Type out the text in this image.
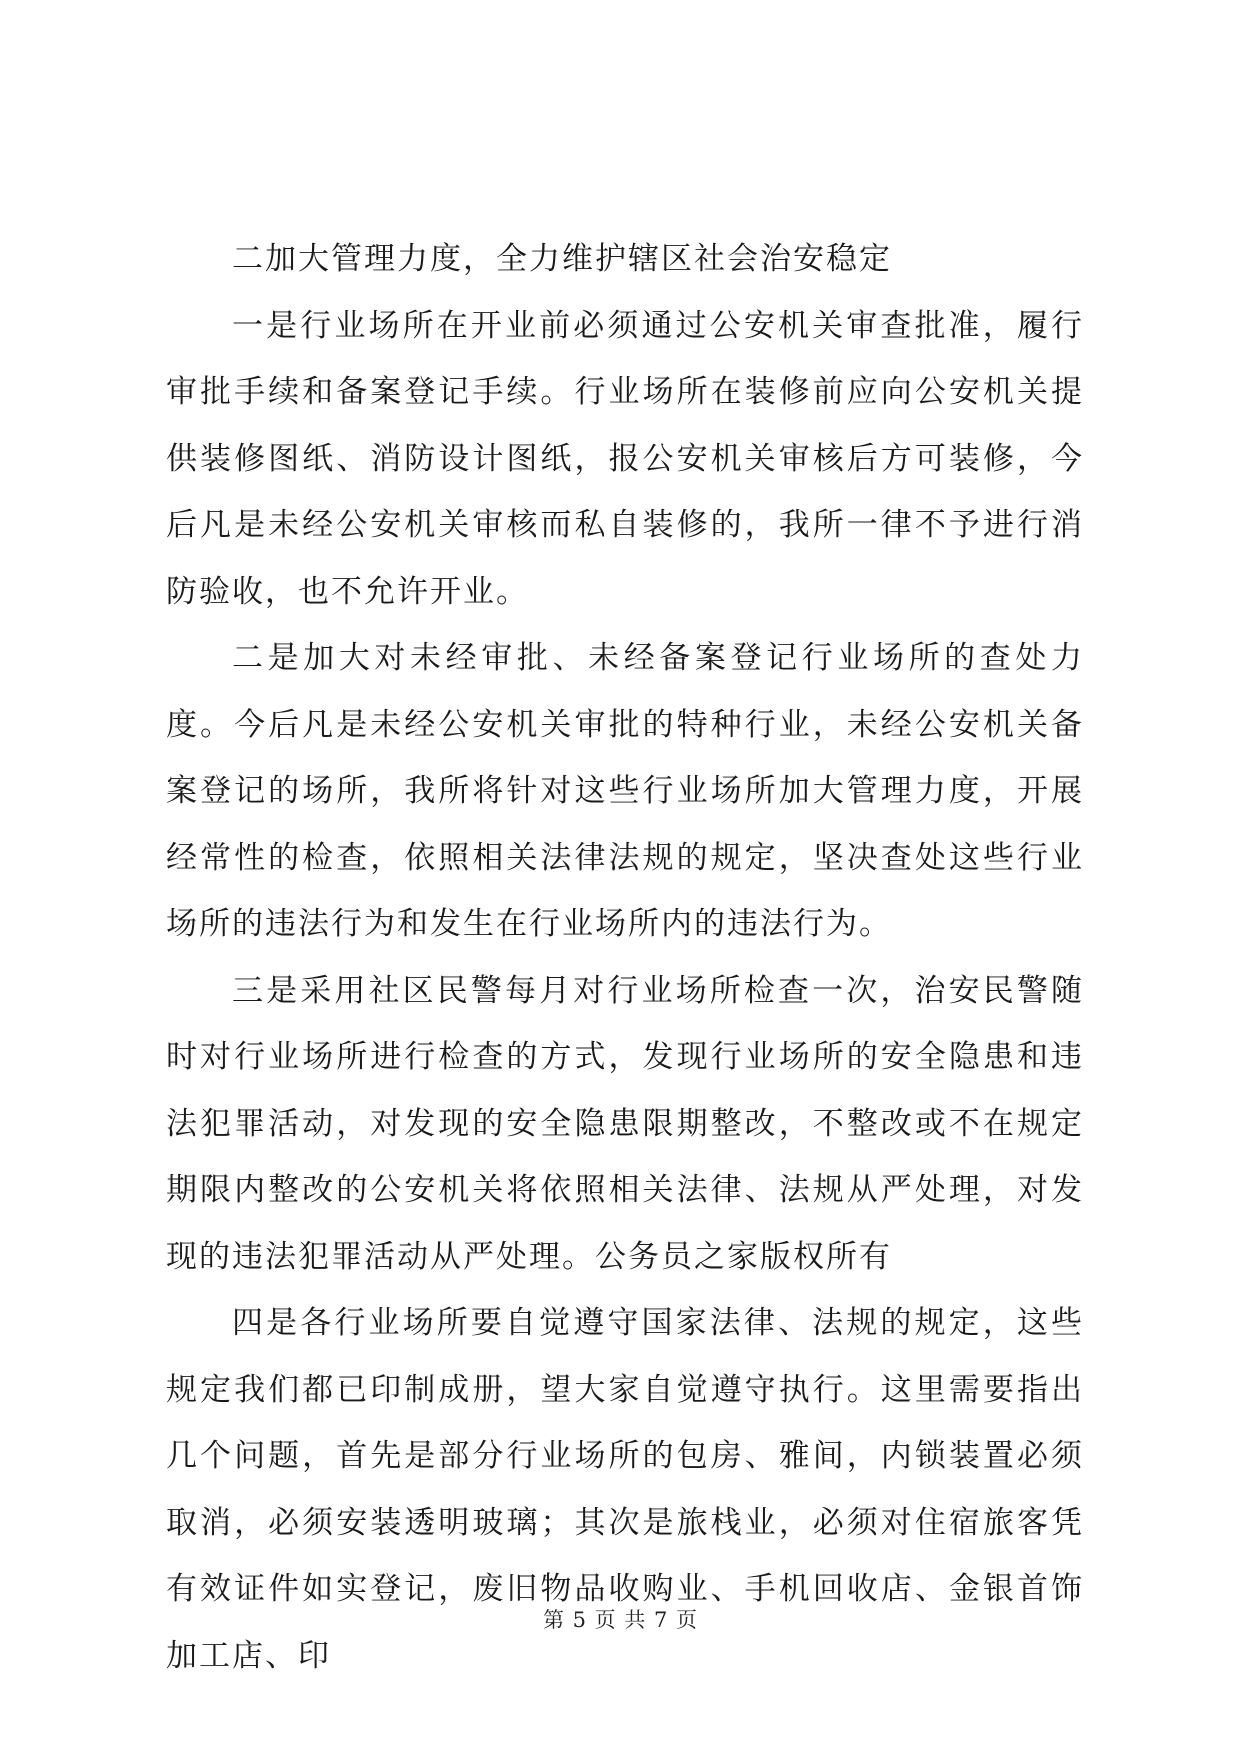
二加大管理力度，全力维护辖区社会治安稳定

一是行业场所在开业前必须通过公安机关审查批准，履行审批手续和备案登记手续。行业场所在装修前应向公安机关提供装修图纸、消防设计图纸，报公安机关审核后方可装修，今后凡是未经公安机关审核而私自装修的，我所一律不予进行消防验收，也不允许开业。

二是加大对未经审批、未经备案登记行业场所的查处力度。今后凡是未经公安机关审批的特种行业，未经公安机关备案登记的场所，我所将针对这些行业场所加大管理力度，开展经常性的检查，依照相关法律法规的规定，坚决查处这些行业场所的违法行为和发生在行业场所内的违法行为。

三是采用社区民警每月对行业场所检查一次，治安民警随时对行业场所进行检查的方式，发现行业场所的安全隐患和违法犯罪活动，对发现的安全隐患限期整改，不整改或不在规定期限内整改的公安机关将依照相关法律、法规从严处理，对发现的违法犯罪活动从严处理。公务员之家版权所有

四是各行业场所要自觉遵守国家法律、法规的规定，这些规定我们都已印制成册，望大家自觉遵守执行。这里需要指出几个问题，首先是部分行业场所的包房、雅间，内锁装置必须取消，必须安装透明玻璃；其次是旅栈业，必须对住宿旅客凭有效证件如实登记，废旧物品收购业、手机回收店、金银首饰加工店、印

第 5 页 共 7 页
